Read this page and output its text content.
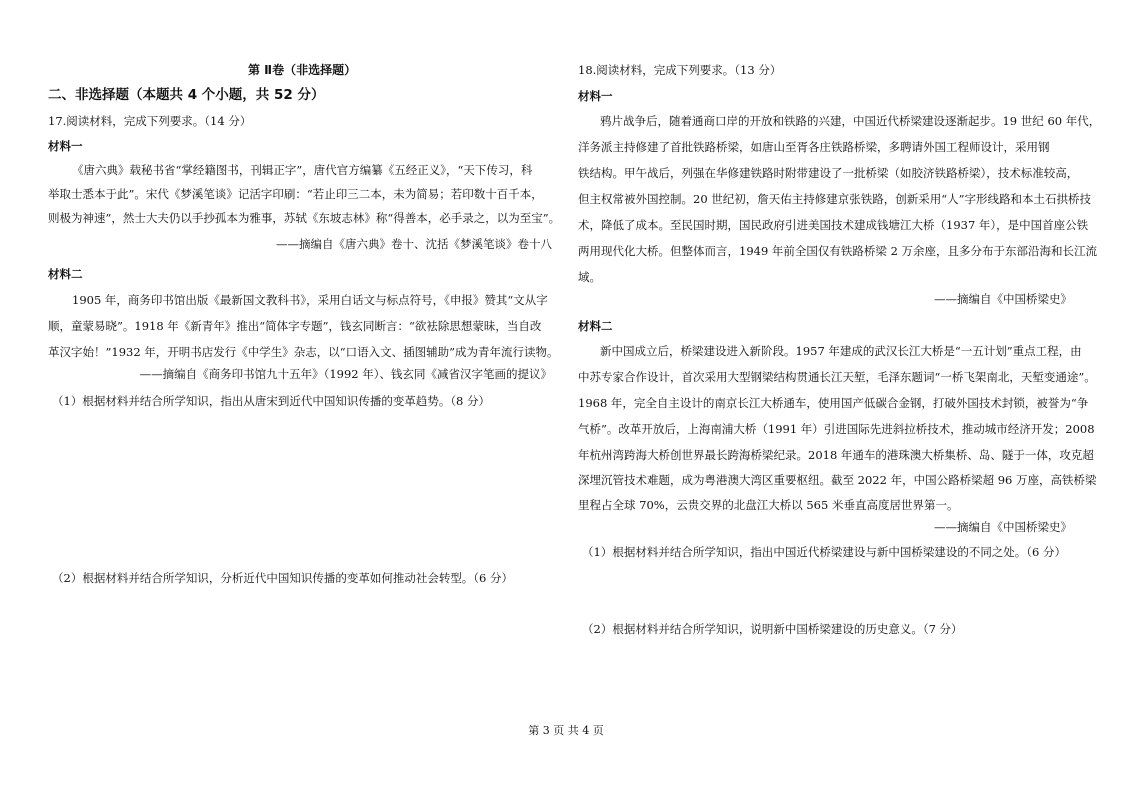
第 Ⅱ卷（非选择题）
二、非选择题（本题共 4 个小题，共 52 分）
17.阅读材料，完成下列要求。（14 分）
材料一
《唐六典》载秘书省“掌经籍图书，刊辑正字”，唐代官方编纂《五经正义》，“天下传习，科
举取士悉本于此”。宋代《梦溪笔谈》记活字印刷：“若止印三二本，未为简易；若印数十百千本，
则极为神速”，然士大夫仍以手抄孤本为雅事，苏轼《东坡志林》称“得善本，必手录之，以为至宝”。
——摘编自《唐六典》卷十、沈括《梦溪笔谈》卷十八
材料二
1905 年，商务印书馆出版《最新国文教科书》，采用白话文与标点符号，《申报》赞其“文从字
顺，童蒙易晓”。1918 年《新青年》推出“简体字专题”，钱玄同断言：“欲袪除思想蒙昧，当自改
革汉字始！”1932 年，开明书店发行《中学生》杂志，以“口语入文、插图辅助”成为青年流行读物。
——摘编自《商务印书馆九十五年》（1992 年）、钱玄同《减省汉字笔画的提议》
（1）根据材料并结合所学知识，指出从唐宋到近代中国知识传播的变革趋势。（8 分）
（2）根据材料并结合所学知识，分析近代中国知识传播的变革如何推动社会转型。（6 分）
18.阅读材料，完成下列要求。（13 分）
材料一
鸦片战争后，随着通商口岸的开放和铁路的兴建，中国近代桥梁建设逐渐起步。19 世纪 60 年代，
洋务派主持修建了首批铁路桥梁，如唐山至胥各庄铁路桥梁，多聘请外国工程师设计，采用钢
铁结构。甲午战后，列强在华修建铁路时附带建设了一批桥梁（如胶济铁路桥梁），技术标准较高，
但主权常被外国控制。20 世纪初，詹天佑主持修建京张铁路，创新采用“人”字形线路和本土石拱桥技
术，降低了成本。至民国时期，国民政府引进美国技术建成钱塘江大桥（1937 年），是中国首座公铁
两用现代化大桥。但整体而言，1949 年前全国仅有铁路桥梁 2 万余座，且多分布于东部沿海和长江流
域。
——摘编自《中国桥梁史》
材料二
新中国成立后，桥梁建设进入新阶段。1957 年建成的武汉长江大桥是“一五计划”重点工程，由
中苏专家合作设计，首次采用大型钢梁结构贯通长江天堑，毛泽东题词“一桥飞架南北，天堑变通途”。
1968 年，完全自主设计的南京长江大桥通车，使用国产低碳合金钢，打破外国技术封锁，被誉为“争
气桥”。改革开放后，上海南浦大桥（1991 年）引进国际先进斜拉桥技术，推动城市经济开发；2008
年杭州湾跨海大桥创世界最长跨海桥梁纪录。2018 年通车的港珠澳大桥集桥、岛、隧于一体，攻克超
深埋沉管技术难题，成为粤港澳大湾区重要枢纽。截至 2022 年，中国公路桥梁超 96 万座，高铁桥梁
里程占全球 70%，云贵交界的北盘江大桥以 565 米垂直高度居世界第一。
——摘编自《中国桥梁史》
（1）根据材料并结合所学知识，指出中国近代桥梁建设与新中国桥梁建设的不同之处。（6 分）
（2）根据材料并结合所学知识，说明新中国桥梁建设的历史意义。（7 分）
第 3 页 共 4 页
